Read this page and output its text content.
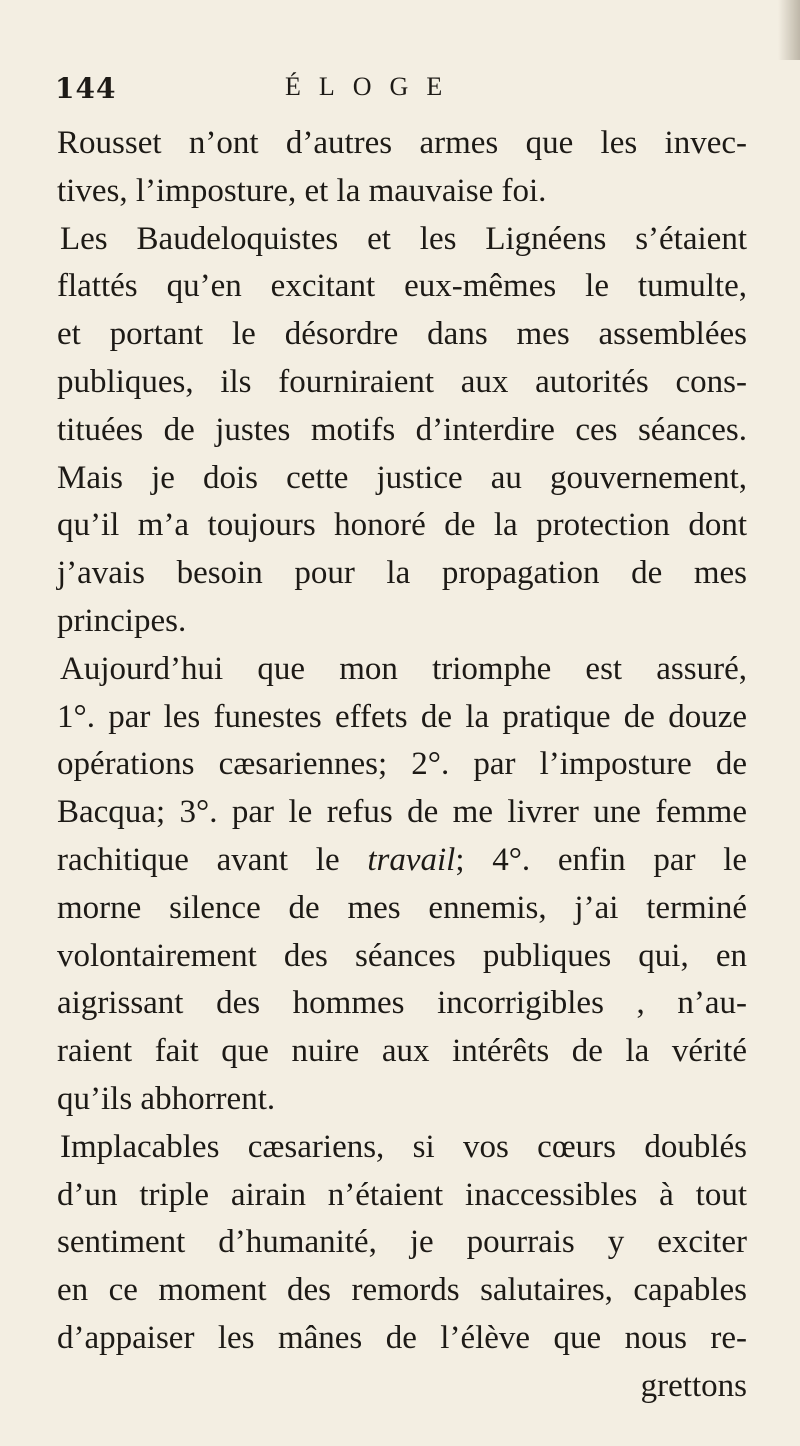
144	ÉLOGE
Rousset n’ont d’autres armes que les invec-
tives, l’imposture, et la mauvaise foi.
Les Baudeloquistes et les Lignéens s’étaient
flattés qu’en excitant eux-mêmes le tumulte,
et portant le désordre dans mes assemblées
publiques, ils fourniraient aux autorités cons-
tituées de justes motifs d’interdire ces séances.
Mais je dois cette justice au gouvernement,
qu’il m’a toujours honoré de la protection dont
j’avais besoin pour la propagation de mes
principes.
Aujourd’hui que mon triomphe est assuré,
1°. par les funestes effets de la pratique de douze
opérations cæsariennes; 2°. par l’imposture de
Bacqua; 3°. par le refus de me livrer une femme
rachitique avant le travail; 4°. enfin par le
morne silence de mes ennemis, j’ai terminé
volontairement des séances publiques qui, en
aigrissant des hommes incorrigibles , n’au-
raient fait que nuire aux intérêts de la vérité
qu’ils abhorrent.
Implacables cæsariens, si vos cœurs doublés
d’un triple airain n’étaient inaccessibles à tout
sentiment d’humanité, je pourrais y exciter
en ce moment des remords salutaires, capables
d’appaiser les mânes de l’élève que nous re-
grettons
